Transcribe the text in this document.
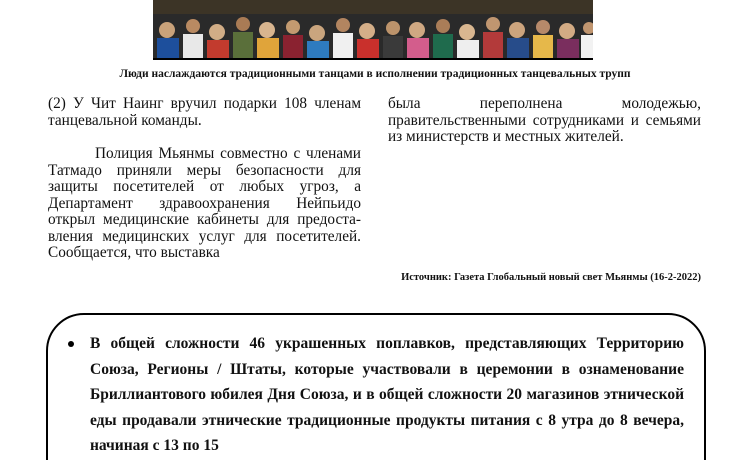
Люди наслаждаются традиционными танцами в исполнении традиционных танцевальных трупп

(2) У Чит Наинг вручил подарки 108 членам танцевальной команды.

Полиция Мьянмы совместно с членами Татмадо приняли меры безопасности для защиты посетителей от любых угроз, а Департамент здравоохранения Нейпьидо открыл медицинские кабинеты для предоста-вления медицинских услуг для посетителей. Сообщается, что выставка

была переполнена молодежью, правительственными сотрудниками и семьями из министерств и местных жителей.

Источник: Газета Глобальный новый свет Мьянмы (16-2-2022)
В общей сложности 46 украшенных поплавков, представляющих Территорию Союза, Регионы / Штаты, которые участвовали в церемонии в ознаменование Бриллиантового юбилея Дня Союза, и в общей сложности 20 магазинов этнической еды продавали этнические традиционные продукты питания с 8 утра до 8 вечера, начиная с 13 по 15
